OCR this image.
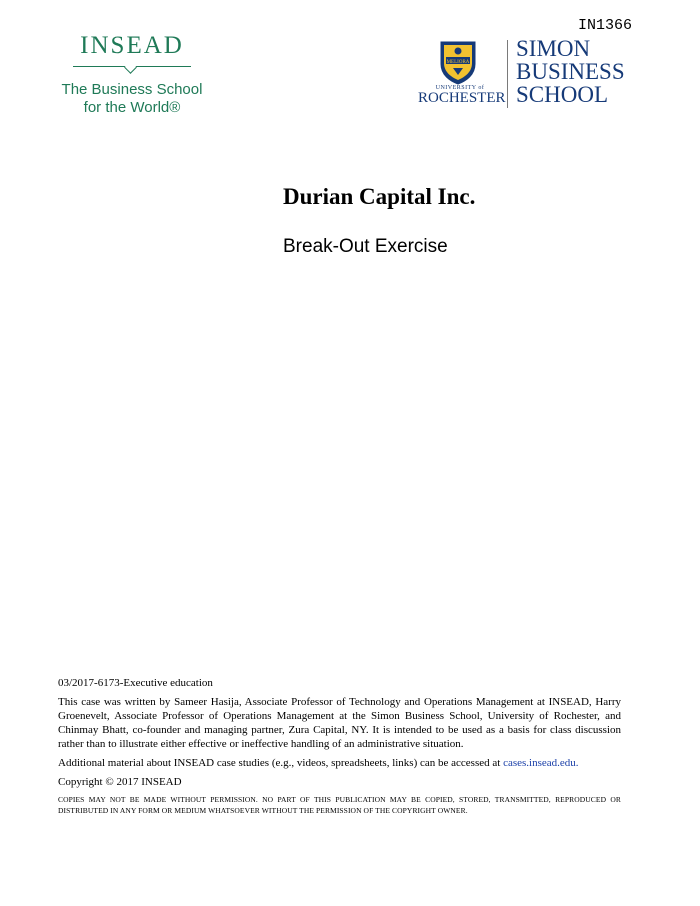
INSEAD
The Business School
for the World®
IN1366
MELIORA
UNIVERSITY of
ROCHESTER
SIMON
BUSINESS
SCHOOL
Durian Capital Inc.
Break-Out Exercise

03/2017-6173-Executive education

This case was written by Sameer Hasija, Associate Professor of Technology and Operations Management at INSEAD, Harry Groenevelt, Associate Professor of Operations Management at the Simon Business School, University of Rochester, and Chinmay Bhatt, co-founder and managing partner, Zura Capital, NY. It is intended to be used as a basis for class discussion rather than to illustrate either effective or ineffective handling of an administrative situation.

Additional material about INSEAD case studies (e.g., videos, spreadsheets, links) can be accessed at cases.insead.edu.

Copyright © 2017 INSEAD

COPIES MAY NOT BE MADE WITHOUT PERMISSION. NO PART OF THIS PUBLICATION MAY BE COPIED, STORED, TRANSMITTED, REPRODUCED OR DISTRIBUTED IN ANY FORM OR MEDIUM WHATSOEVER WITHOUT THE PERMISSION OF THE COPYRIGHT OWNER.
